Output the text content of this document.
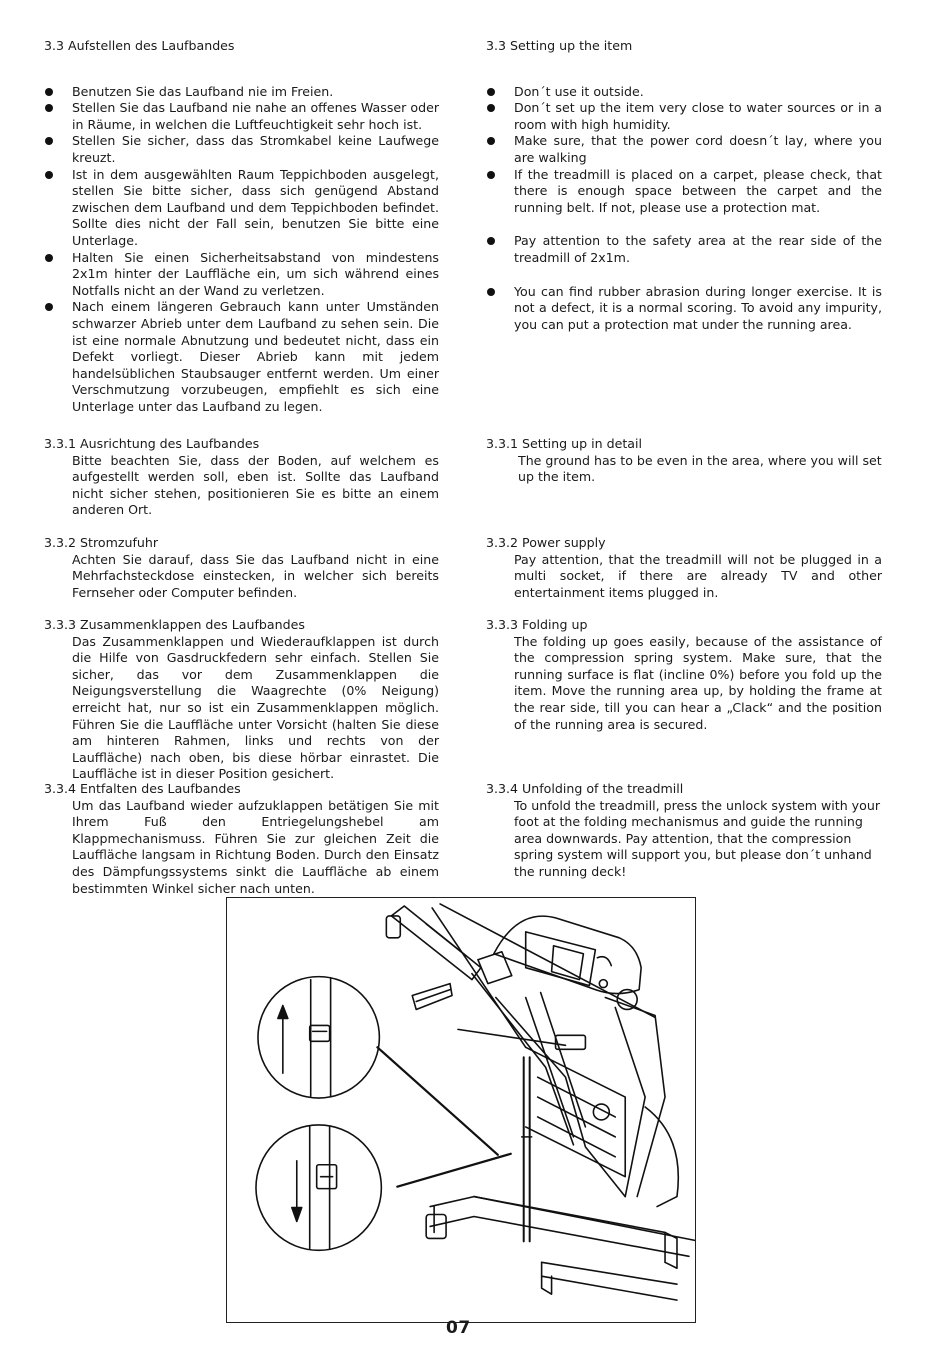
3.3 Aufstellen des Laufbandes
Benutzen Sie das Laufband nie im Freien.
Stellen Sie das Laufband nie nahe an offenes Wasser oder in Räume, in welchen die Luftfeuchtigkeit sehr hoch ist.
Stellen Sie sicher, dass das Stromkabel keine Laufwege kreuzt.
Ist in dem ausgewählten Raum Teppichboden ausgelegt, stellen Sie bitte sicher, dass sich genügend Abstand zwischen dem Laufband und dem Teppichboden befindet. Sollte dies nicht der Fall sein, benutzen Sie bitte eine Unterlage.
Halten Sie einen Sicherheitsabstand von mindestens 2x1m hinter der Lauffläche ein, um sich während eines Notfalls nicht an der Wand zu verletzen.
Nach einem längeren Gebrauch kann unter Umständen schwarzer Abrieb unter dem Laufband zu sehen sein. Die ist eine normale Abnutzung und bedeutet nicht, dass ein Defekt vorliegt. Dieser Abrieb kann mit jedem handelsüblichen Staubsauger entfernt werden. Um einer Verschmutzung vorzubeugen, empfiehlt es sich eine Unterlage unter das Laufband zu legen.

3.3.1 Ausrichtung des Laufbandes

Bitte beachten Sie, dass der Boden, auf welchem es aufgestellt werden soll, eben ist. Sollte das Laufband nicht sicher stehen, positionieren Sie es bitte an einem anderen Ort.

3.3.2 Stromzufuhr

Achten Sie darauf, dass Sie das Laufband nicht in eine Mehrfachsteckdose einstecken, in welcher sich bereits Fernseher oder Computer befinden.

3.3.3 Zusammenklappen des Laufbandes

Das Zusammenklappen und Wiederaufklappen ist durch die Hilfe von Gasdruckfedern sehr einfach. Stellen Sie sicher, das vor dem Zusammenklappen die Neigungsverstellung die Waagrechte (0% Neigung) erreicht hat, nur so ist ein Zusammenklappen möglich. Führen Sie die Lauffläche unter Vorsicht (halten Sie diese am hinteren Rahmen, links und rechts von der Lauffläche) nach oben, bis diese hörbar einrastet. Die Lauffläche ist in dieser Position gesichert.

3.3.4 Entfalten des Laufbandes

Um das Laufband wieder aufzuklappen betätigen Sie mit Ihrem Fuß den Entriegelungshebel am Klappmechanismuss. Führen Sie zur gleichen Zeit die Lauffläche langsam in Richtung Boden. Durch den Einsatz des Dämpfungssystems sinkt die Lauffläche ab einem bestimmten Winkel sicher nach unten.

3.3 Setting up the item
Don´t use it outside.
Don´t set up the item very close to water sources or in a room with high humidity.
Make sure, that the power cord doesn´t lay, where you are walking
If the treadmill is placed on a carpet, please check, that there is enough space between the carpet and the running belt. If not, please use a protection mat.
Pay attention to the safety area at the rear side of the treadmill of 2x1m.
You can find rubber abrasion during longer exercise. It is not a defect, it is a normal scoring. To avoid any impurity, you can put a protection mat under the running area.

3.3.1 Setting up in detail

The ground has to be even in the area, where you will set up the item.

3.3.2 Power supply

Pay attention, that the treadmill will not be plugged in a multi socket, if there are already TV and other entertainment items plugged in.

3.3.3 Folding up

The folding up goes easily, because of the assistance of the compression spring system. Make sure, that the running surface is flat (incline 0%) before you fold up the item. Move the running area up, by holding the frame at the rear side, till you can hear a „Clack“ and the position of the running area is secured.

3.3.4 Unfolding of the treadmill

To unfold the treadmill, press the unlock system with your foot at the folding mechanismus and guide the running area downwards. Pay attention, that the compression spring system will support you, but please don´t unhand the running deck!

07
